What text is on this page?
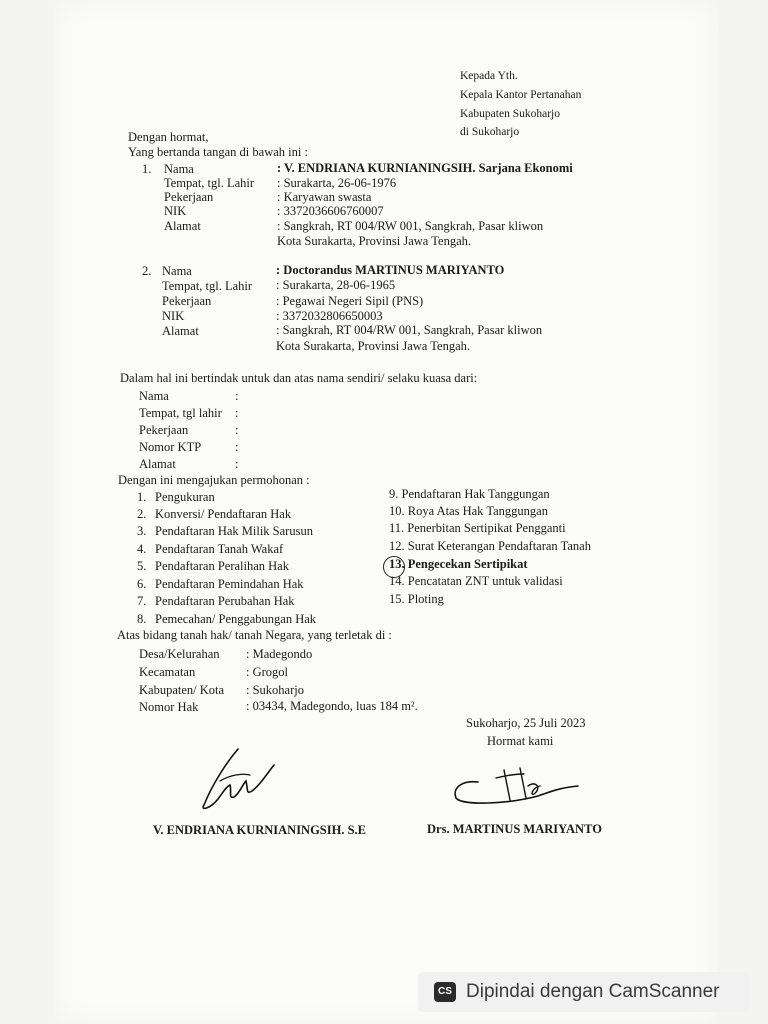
Kepada Yth.
Kepala Kantor Pertanahan
Kabupaten Sukoharjo
di Sukoharjo
Dengan hormat,
Yang bertanda tangan di bawah ini :
1. Nama	: V. ENDRIANA KURNIANINGSIH. Sarjana Ekonomi
Tempat, tgl. Lahir : Surakarta, 26-06-1976
Pekerjaan	: Karyawan swasta
NIK	: 3372036606760007
Alamat	: Sangkrah, RT 004/RW 001, Sangkrah, Pasar kliwon
Kota Surakarta, Provinsi Jawa Tengah.
2. Nama	: Doctorandus MARTINUS MARIYANTO
Tempat, tgl. Lahir : Surakarta, 28-06-1965
Pekerjaan	: Pegawai Negeri Sipil (PNS)
NIK	: 3372032806650003
Alamat	: Sangkrah, RT 004/RW 001, Sangkrah, Pasar kliwon
Kota Surakarta, Provinsi Jawa Tengah.
Dalam hal ini bertindak untuk dan atas nama sendiri/ selaku kuasa dari:
Nama	:
Tempat, tgl lahir :
Pekerjaan	:
Nomor KTP	:
Alamat	:
Dengan ini mengajukan permohonan :
1. Pengukuran
2. Konversi/ Pendaftaran Hak
3. Pendaftaran Hak Milik Sarusun
4. Pendaftaran Tanah Wakaf
5. Pendaftaran Peralihan Hak
6. Pendaftaran Pemindahan Hak
7. Pendaftaran Perubahan Hak
8. Pemecahan/ Penggabungan Hak
9. Pendaftaran Hak Tanggungan
10. Roya Atas Hak Tanggungan
11. Penerbitan Sertipikat Pengganti
12. Surat Keterangan Pendaftaran Tanah
13. Pengecekan Sertipikat
14. Pencatatan ZNT untuk validasi
15. Ploting
Atas bidang tanah hak/ tanah Negara, yang terletak di :
Desa/Kelurahan : Madegondo
Kecamatan	: Grogol
Kabupaten/ Kota : Sukoharjo
Nomor Hak	: 03434, Madegondo, luas 184 m².
Sukoharjo, 25 Juli 2023
Hormat kami
V. ENDRIANA KURNIANINGSIH. S.E	Drs. MARTINUS MARIYANTO
CS Dipindai dengan CamScanner
